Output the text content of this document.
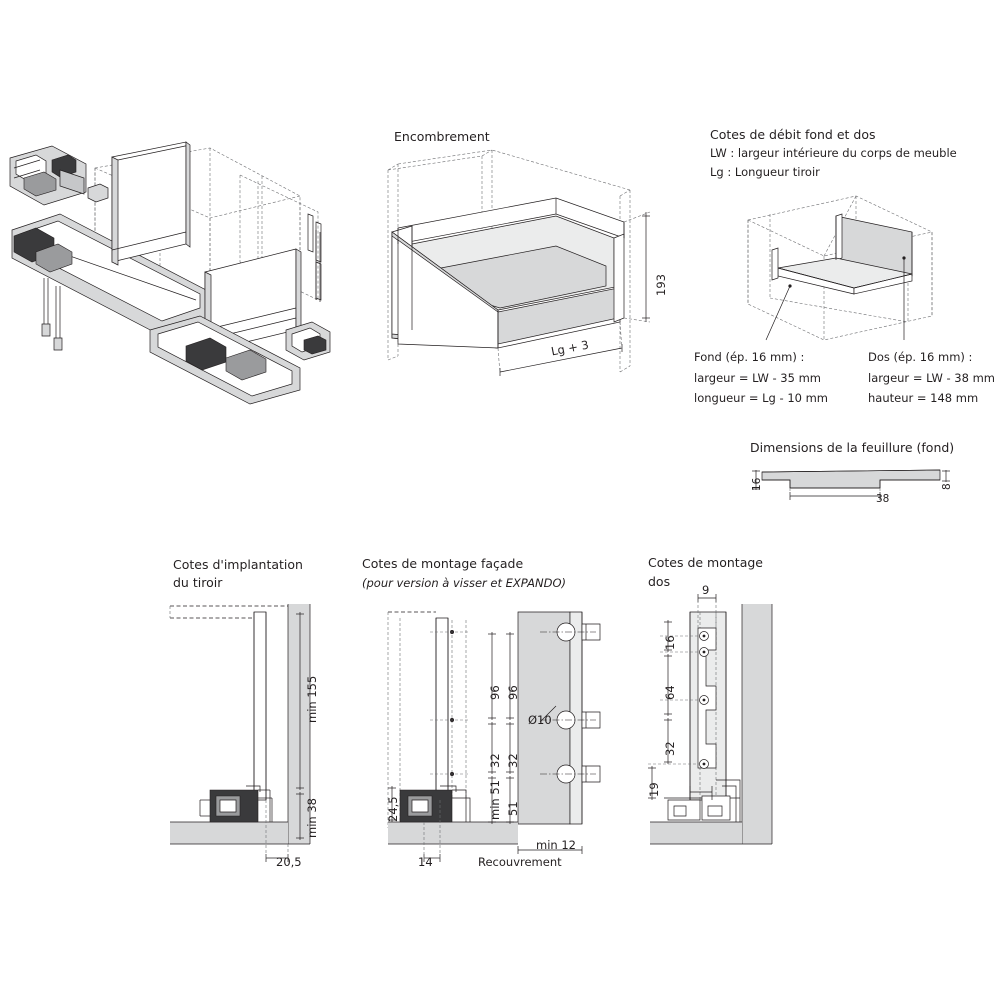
Encombrement
193
Lg + 3
Cotes de débit fond et dos
LW : largeur intérieure du corps de meuble
Lg : Longueur tiroir
Fond (ép. 16 mm) :
largeur = LW - 35 mm
longueur = Lg - 10 mm
Dos (ép. 16 mm) :
largeur = LW - 38 mm
hauteur = 148 mm
Dimensions de la feuillure (fond)
16
38
8
Cotes d'implantation
du tiroir
min 155
min 38
20,5
Cotes de montage façade
(pour version à visser et EXPANDO)
96 96
32 32
min 51 51
24,5
14	Recouvrement
min 12
Ø10
Cotes de montage
dos
9
16
64
32
19
